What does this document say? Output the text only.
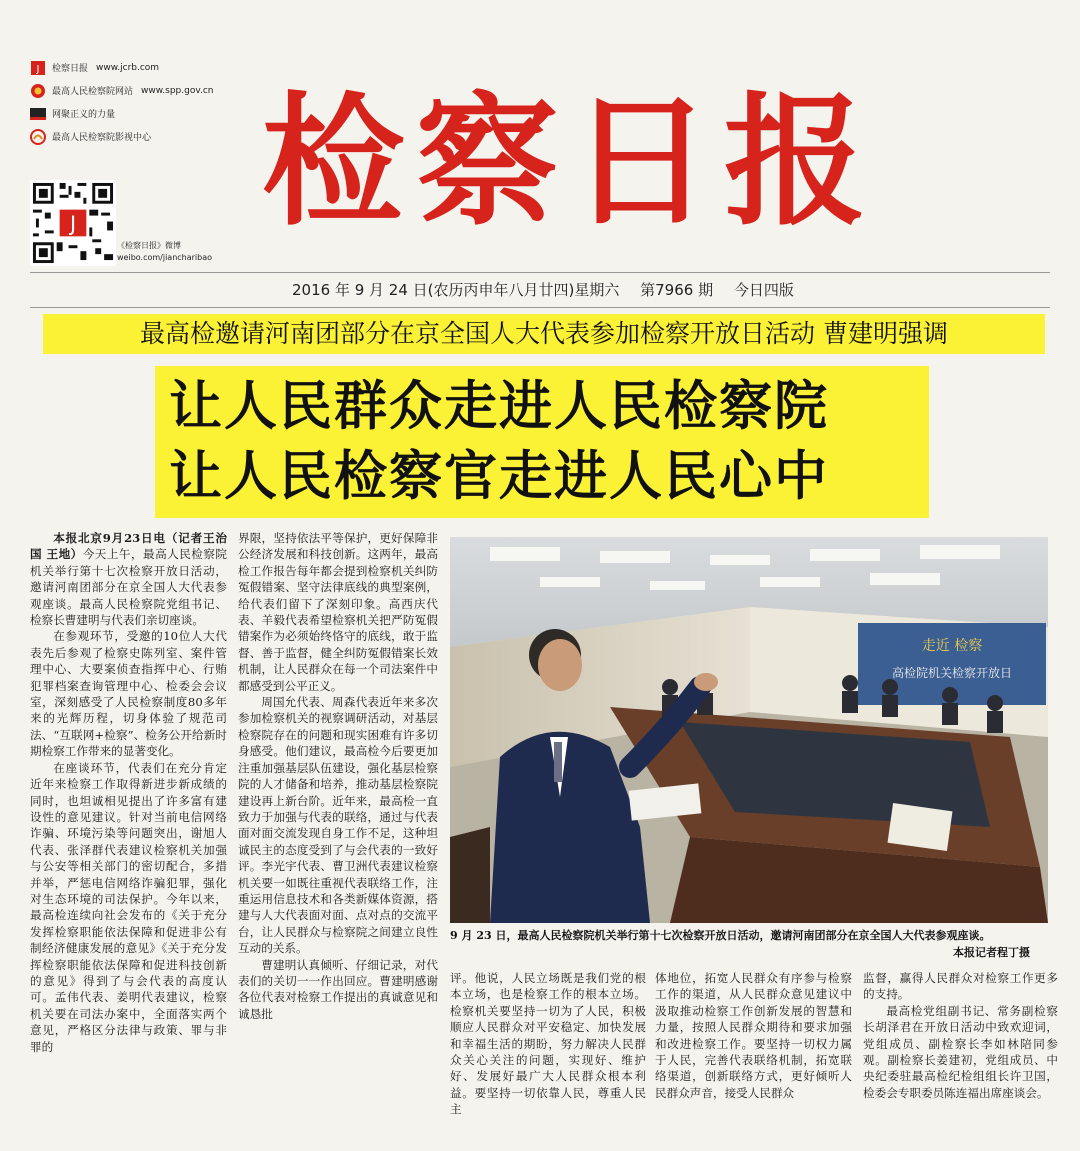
J 检察日报 www.jcrb.com
最高人民检察院网站 www.spp.gov.cn
网聚正义的力量
最高人民检察院影视中心
J
《检察日报》微博
weibo.com/jiancharibao
检察日报
2016 年 9 月 24 日(农历丙申年八月廿四)星期六 第7966 期 今日四版
最高检邀请河南团部分在京全国人大代表参加检察开放日活动 曹建明强调
让人民群众走进人民检察院
让人民检察官走进人民心中

本报北京9月23日电（记者王治国 王地）今天上午，最高人民检察院机关举行第十七次检察开放日活动，邀请河南团部分在京全国人大代表参观座谈。最高人民检察院党组书记、检察长曹建明与代表们亲切座谈。

在参观环节，受邀的10位人大代表先后参观了检察史陈列室、案件管理中心、大要案侦查指挥中心、行贿犯罪档案查询管理中心、检委会会议室，深刻感受了人民检察制度80多年来的光辉历程，切身体验了规范司法、“互联网+检察”、检务公开给新时期检察工作带来的显著变化。

在座谈环节，代表们在充分肯定近年来检察工作取得新进步新成绩的同时，也坦诚相见提出了许多富有建设性的意见建议。针对当前电信网络诈骗、环境污染等问题突出，谢旭人代表、张泽群代表建议检察机关加强与公安等相关部门的密切配合，多措并举，严惩电信网络诈骗犯罪，强化对生态环境的司法保护。今年以来，最高检连续向社会发布的《关于充分发挥检察职能依法保障和促进非公有制经济健康发展的意见》《关于充分发挥检察职能依法保障和促进科技创新的意见》得到了与会代表的高度认可。孟伟代表、姜明代表建议，检察机关要在司法办案中，全面落实两个意见，严格区分法律与政策、罪与非罪的

界限，坚持依法平等保护，更好保障非公经济发展和科技创新。这两年，最高检工作报告每年都会提到检察机关纠防冤假错案、坚守法律底线的典型案例，给代表们留下了深刻印象。高西庆代表、羊毅代表希望检察机关把严防冤假错案作为必须始终恪守的底线，敢于监督、善于监督，健全纠防冤假错案长效机制，让人民群众在每一个司法案件中都感受到公平正义。

周国允代表、周森代表近年来多次参加检察机关的视察调研活动，对基层检察院存在的问题和现实困难有许多切身感受。他们建议，最高检今后要更加注重加强基层队伍建设，强化基层检察院的人才储备和培养，推动基层检察院建设再上新台阶。近年来，最高检一直致力于加强与代表的联络，通过与代表面对面交流发现自身工作不足，这种坦诚民主的态度受到了与会代表的一致好评。李光宇代表、曹卫洲代表建议检察机关要一如既往重视代表联络工作，注重运用信息技术和各类新媒体资源，搭建与人大代表面对面、点对点的交流平台，让人民群众与检察院之间建立良性互动的关系。

曹建明认真倾听、仔细记录，对代表们的关切一一作出回应。曹建明感谢各位代表对检察工作提出的真诚意见和诚恳批

走近 检察
高检院机关检察开放日
9 月 23 日，最高人民检察院机关举行第十七次检察开放日活动，邀请河南团部分在京全国人大代表参观座谈。
本报记者程丁摄

评。他说，人民立场既是我们党的根本立场，也是检察工作的根本立场。检察机关要坚持一切为了人民，积极顺应人民群众对平安稳定、加快发展和幸福生活的期盼，努力解决人民群众关心关注的问题，实现好、维护好、发展好最广大人民群众根本利益。要坚持一切依靠人民，尊重人民主

体地位，拓宽人民群众有序参与检察工作的渠道，从人民群众意见建议中汲取推动检察工作创新发展的智慧和力量，按照人民群众期待和要求加强和改进检察工作。要坚持一切权力属于人民，完善代表联络机制，拓宽联络渠道，创新联络方式，更好倾听人民群众声音，接受人民群众

监督，赢得人民群众对检察工作更多的支持。

最高检党组副书记、常务副检察长胡泽君在开放日活动中致欢迎词，党组成员、副检察长李如林陪同参观。副检察长姜建初，党组成员、中央纪委驻最高检纪检组组长许卫国，检委会专职委员陈连福出席座谈会。
